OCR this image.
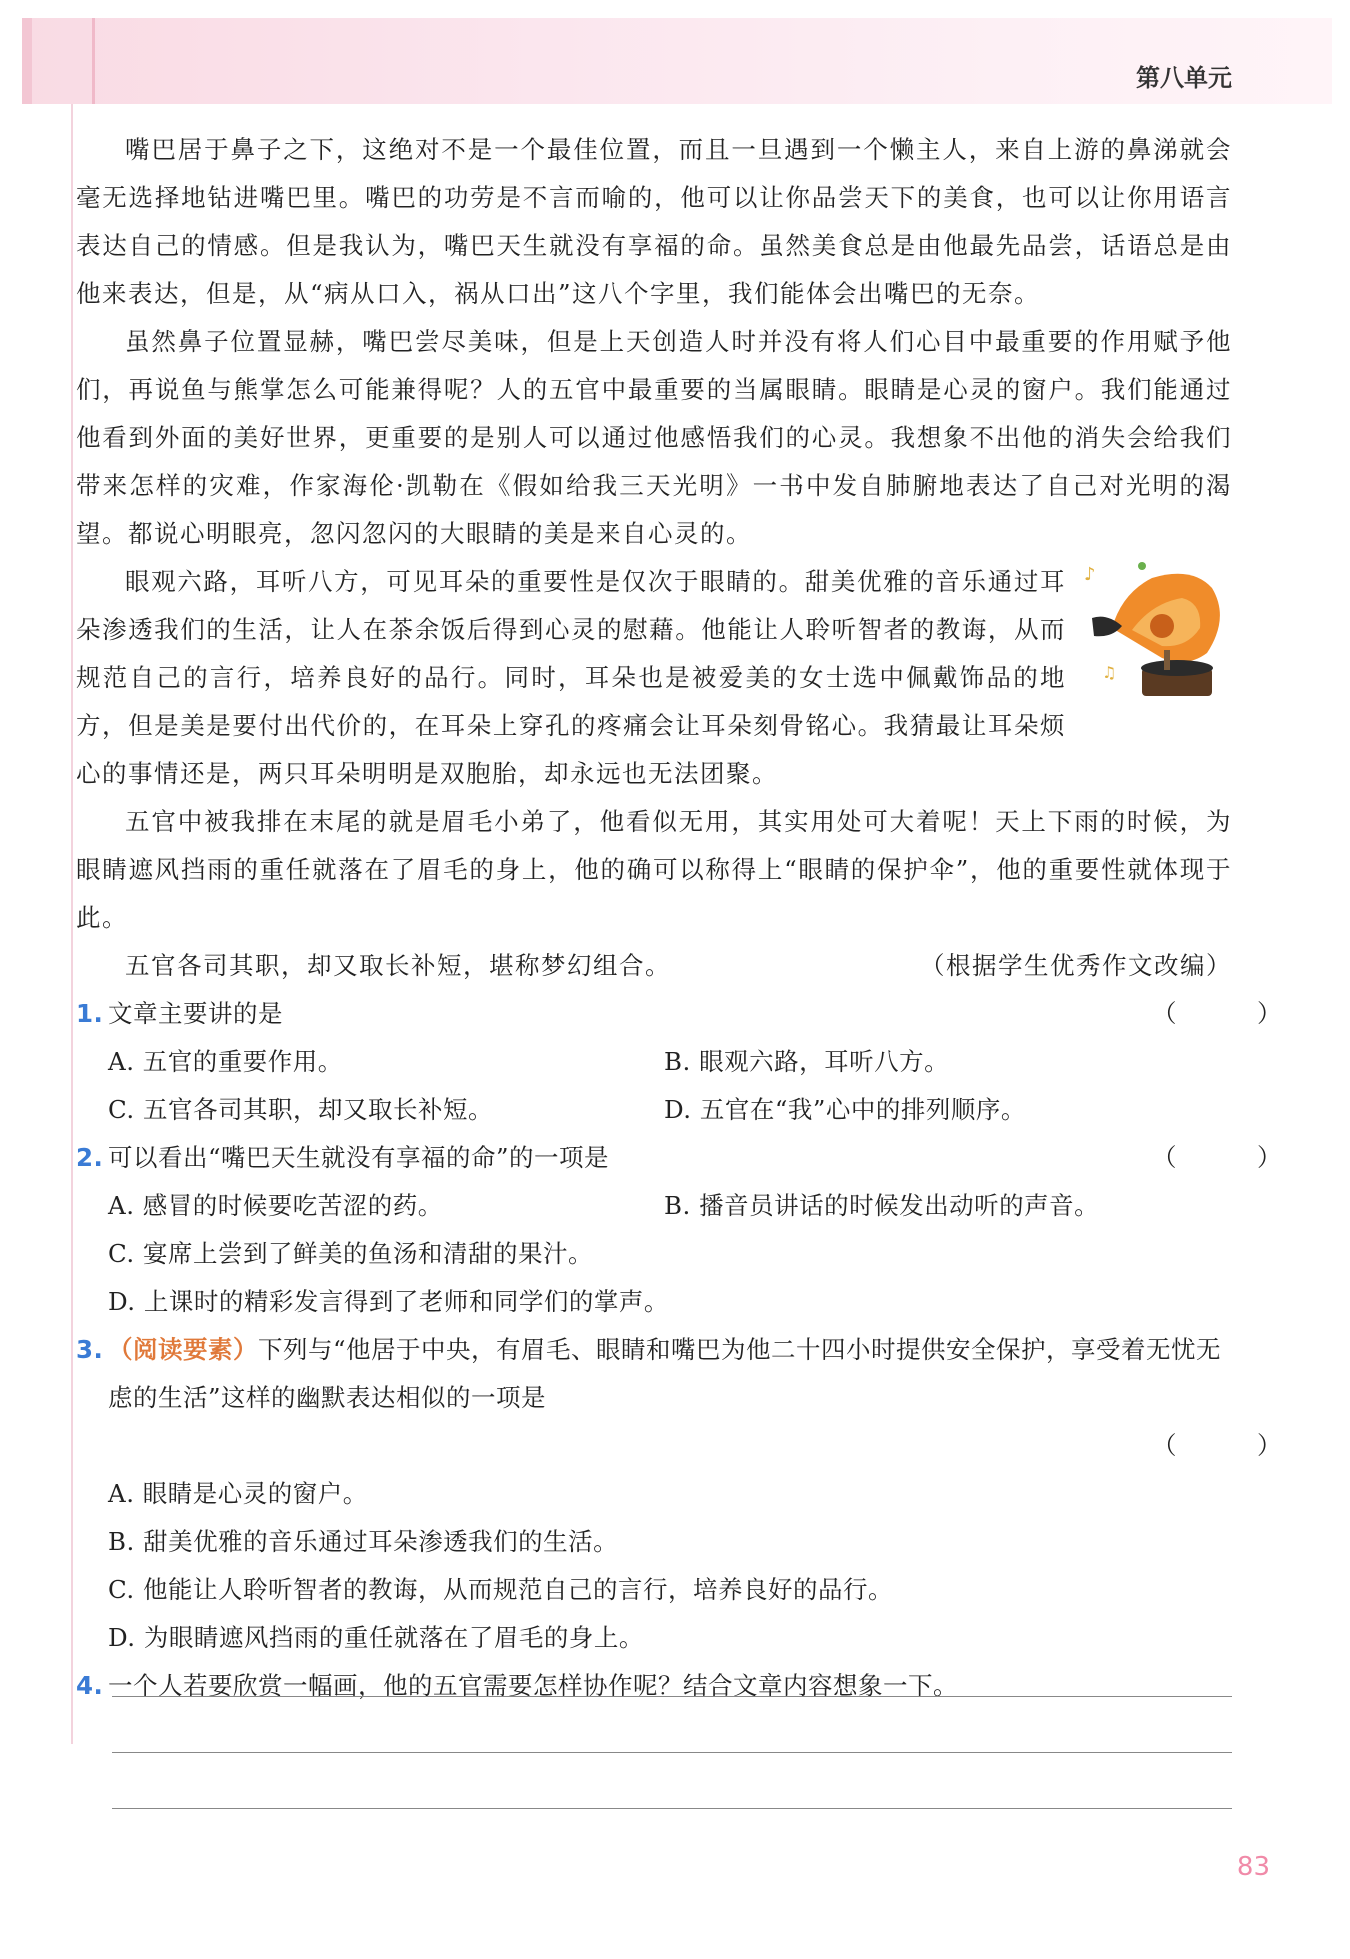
第八单元
♪
♫

嘴巴居于鼻子之下，这绝对不是一个最佳位置，而且一旦遇到一个懒主人，来自上游的鼻涕就会毫无选择地钻进嘴巴里。嘴巴的功劳是不言而喻的，他可以让你品尝天下的美食，也可以让你用语言表达自己的情感。但是我认为，嘴巴天生就没有享福的命。虽然美食总是由他最先品尝，话语总是由他来表达，但是，从“病从口入，祸从口出”这八个字里，我们能体会出嘴巴的无奈。

虽然鼻子位置显赫，嘴巴尝尽美味，但是上天创造人时并没有将人们心目中最重要的作用赋予他们，再说鱼与熊掌怎么可能兼得呢？人的五官中最重要的当属眼睛。眼睛是心灵的窗户。我们能通过他看到外面的美好世界，更重要的是别人可以通过他感悟我们的心灵。我想象不出他的消失会给我们带来怎样的灾难，作家海伦·凯勒在《假如给我三天光明》一书中发自肺腑地表达了自己对光明的渴望。都说心明眼亮，忽闪忽闪的大眼睛的美是来自心灵的。

眼观六路，耳听八方，可见耳朵的重要性是仅次于眼睛的。甜美优雅的音乐通过耳朵渗透我们的生活，让人在茶余饭后得到心灵的慰藉。他能让人聆听智者的教诲，从而规范自己的言行，培养良好的品行。同时，耳朵也是被爱美的女士选中佩戴饰品的地方，但是美是要付出代价的，在耳朵上穿孔的疼痛会让耳朵刻骨铭心。我猜最让耳朵烦心的事情还是，两只耳朵明明是双胞胎，却永远也无法团聚。

五官中被我排在末尾的就是眉毛小弟了，他看似无用，其实用处可大着呢！天上下雨的时候，为眼睛遮风挡雨的重任就落在了眉毛的身上，他的确可以称得上“眼睛的保护伞”，他的重要性就体现于此。

五官各司其职，却又取长补短，堪称梦幻组合。	（根据学生优秀作文改编）
1. 文章主要讲的是	（　）
A. 五官的重要作用。	B. 眼观六路，耳听八方。
C. 五官各司其职，却又取长补短。	D. 五官在“我”心中的排列顺序。
2. 可以看出“嘴巴天生就没有享福的命”的一项是	（　）
A. 感冒的时候要吃苦涩的药。	B. 播音员讲话的时候发出动听的声音。
C. 宴席上尝到了鲜美的鱼汤和清甜的果汁。
D. 上课时的精彩发言得到了老师和同学们的掌声。
3. （阅读要素）下列与“他居于中央，有眉毛、眼睛和嘴巴为他二十四小时提供安全保护，享受着无忧无虑的生活”这样的幽默表达相似的一项是
（　）
A. 眼睛是心灵的窗户。
B. 甜美优雅的音乐通过耳朵渗透我们的生活。
C. 他能让人聆听智者的教诲，从而规范自己的言行，培养良好的品行。
D. 为眼睛遮风挡雨的重任就落在了眉毛的身上。
4. 一个人若要欣赏一幅画，他的五官需要怎样协作呢？结合文章内容想象一下。
83
